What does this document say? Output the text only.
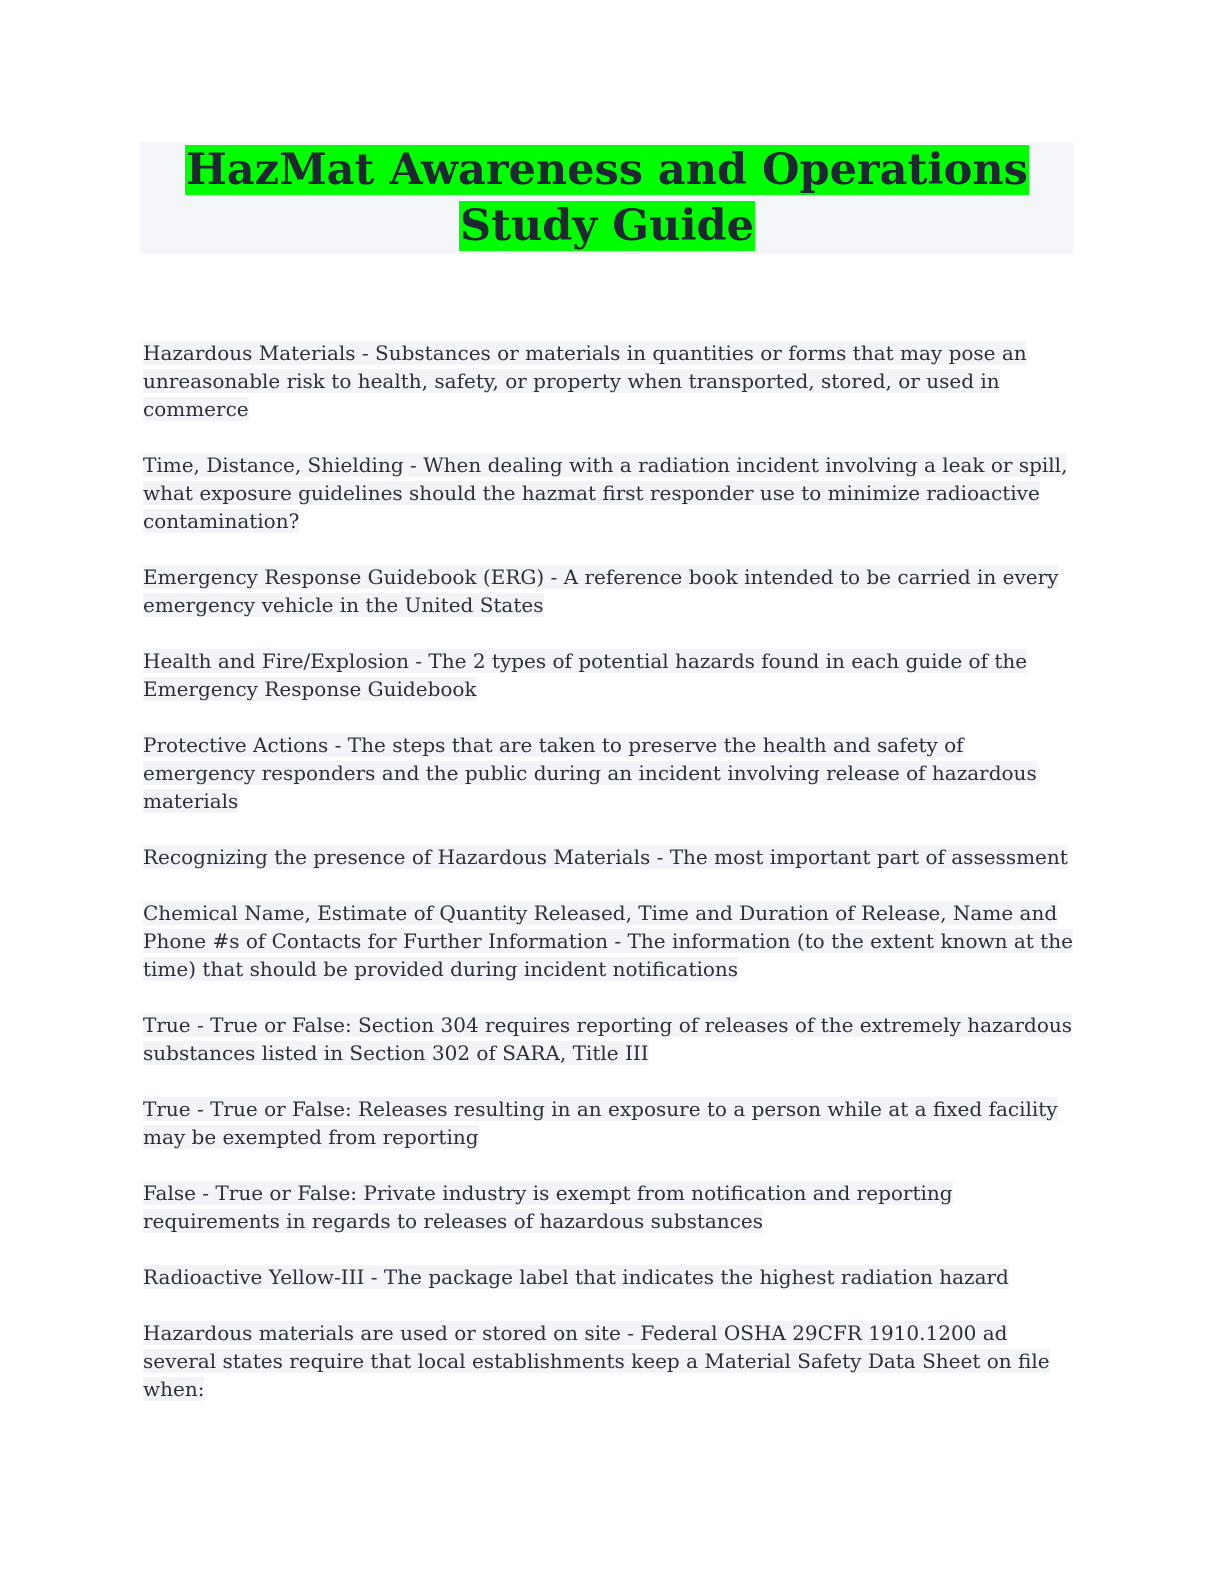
HazMat Awareness and Operations Study Guide

Hazardous Materials - Substances or materials in quantities or forms that may pose an unreasonable risk to health, safety, or property when transported, stored, or used in commerce

Time, Distance, Shielding - When dealing with a radiation incident involving a leak or spill, what exposure guidelines should the hazmat first responder use to minimize radioactive contamination?

Emergency Response Guidebook (ERG) - A reference book intended to be carried in every emergency vehicle in the United States

Health and Fire/Explosion - The 2 types of potential hazards found in each guide of the Emergency Response Guidebook

Protective Actions - The steps that are taken to preserve the health and safety of emergency responders and the public during an incident involving release of hazardous materials

Recognizing the presence of Hazardous Materials - The most important part of assessment

Chemical Name, Estimate of Quantity Released, Time and Duration of Release, Name and Phone #s of Contacts for Further Information - The information (to the extent known at the time) that should be provided during incident notifications

True - True or False: Section 304 requires reporting of releases of the extremely hazardous substances listed in Section 302 of SARA, Title III

True - True or False: Releases resulting in an exposure to a person while at a fixed facility may be exempted from reporting

False - True or False: Private industry is exempt from notification and reporting requirements in regards to releases of hazardous substances

Radioactive Yellow-III - The package label that indicates the highest radiation hazard

Hazardous materials are used or stored on site - Federal OSHA 29CFR 1910.1200 ad several states require that local establishments keep a Material Safety Data Sheet on file when:
